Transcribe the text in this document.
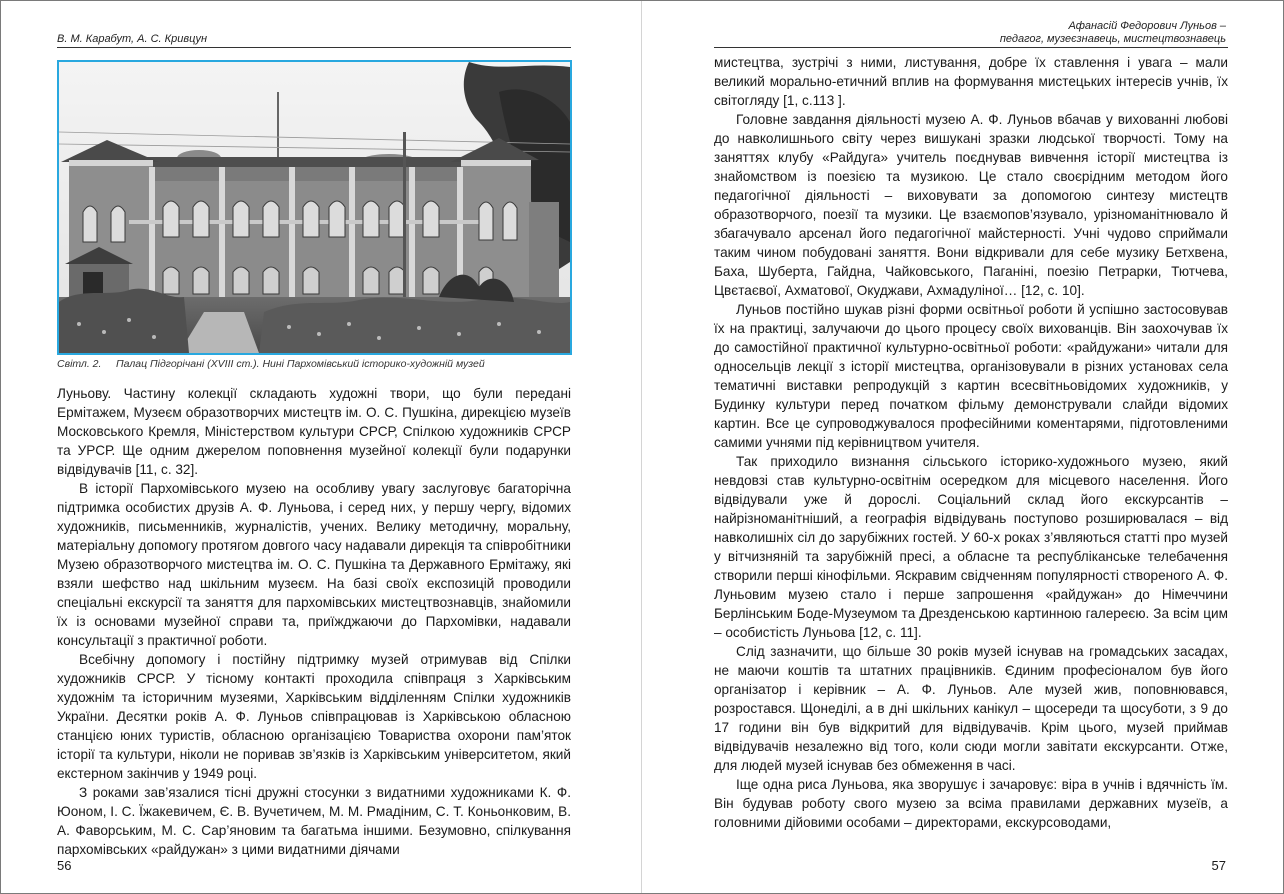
В. М. Карабут, А. С. Кривцун
Світл. 2.     Палац Підгорічані (XVIII ст.). Нині Пархомівський історико-художній музей

Луньову. Частину колекції складають художні твори, що були передані Ермітажем, Музеєм образотворчих мистецтв ім. О. С. Пушкіна, дирекцією музеїв Московського Кремля, Міністерством культури СРСР, Спілкою художників СРСР та УРСР. Ще одним джерелом поповнення музейної колекції були подарунки відвідувачів [11, с. 32].

В історії Пархомівського музею на особливу увагу заслуговує багаторічна підтримка особистих друзів А. Ф. Луньова, і серед них, у першу чергу, відомих художників, письменників, журналістів, учених. Велику методичну, моральну, матеріальну допомогу протягом довгого часу надавали дирекція та співробітники Музею образотворчого мистецтва ім. О. С. Пушкіна та Державного Ермітажу, які взяли шефство над шкільним музеєм. На базі своїх експозицій проводили спеціальні екскурсії та заняття для пархомівських мистецтвознавців, знайомили їх із основами музейної справи та, приїжджаючи до Пархомівки, надавали консультації з практичної роботи.

Всебічну допомогу і постійну підтримку музей отримував від Спілки художників СРСР. У тісному контакті проходила співпраця з Харківським художнім та історичним музеями, Харківським відділенням Спілки художників України. Десятки років А. Ф. Луньов співпрацював із Харківською обласною станцією юних туристів, обласною організацією Товариства охорони пам’яток історії та культури, ніколи не поривав зв’язків із Харківським університетом, який екстерном закінчив у 1949 році.

З роками зав’язалися тісні дружні стосунки з видатними художниками К. Ф. Юоном, І. С. Їжакевичем, Є. В. Вучетичем, М. М. Рмадіним, С. Т. Коньонковим, В. А. Фаворським, М. С. Сар’яновим та багатьма іншими. Безумовно, спілкування пархомівських «райдужан» з цими видатними діячами

56
Афанасій Федорович Луньов –
педагог, музеєзнавець, мистецтвознавець

мистецтва, зустрічі з ними, листування, добре їх ставлення і увага – мали великий морально-етичний вплив на формування мистецьких інтересів учнів, їх світогляду [1, с.113 ].

Головне завдання діяльності музею А. Ф. Луньов вбачав у вихованні любові до навколишнього світу через вишукані зразки людської творчості. Тому на заняттях клубу «Райдуга» учитель поєднував вивчення історії мистецтва із знайомством із поезією та музикою. Це стало своєрідним методом його педагогічної діяльності – виховувати за допомогою синтезу мистецтв образотворчого, поезії та музики. Це взаємопов’язувало, урізноманітнювало й збагачувало арсенал його педагогічної майстерності. Учні чудово сприймали таким чином побудовані заняття. Вони відкривали для себе музику Бетхвена, Баха, Шуберта, Гайдна, Чайковського, Паганіні, поезію Петрарки, Тютчева, Цвєтаєвої, Ахматової, Окуджави, Ахмадуліної… [12, с. 10].

Луньов постійно шукав різні форми освітньої роботи й успішно застосовував їх на практиці, залучаючи до цього процесу своїх вихованців. Він заохочував їх до самостійної практичної культурно-освітньої роботи: «райдужани» читали для односельців лекції з історії мистецтва, організовували в різних установах села тематичні виставки репродукцій з картин всесвітньовідомих художників, у Будинку культури перед початком фільму демонстрували слайди відомих картин. Все це супроводжувалося професійними коментарями, підготовленими самими учнями під керівництвом учителя.

Так приходило визнання сільського історико-художнього музею, який невдовзі став культурно-освітнім осередком для місцевого населення. Його відвідували уже й дорослі. Соціальний склад його екскурсантів – найрізноманітніший, а географія відвідувань поступово розширювалася – від навколишніх сіл до зарубіжних гостей. У 60-х роках з’являються статті про музей у вітчизняній та зарубіжній пресі, а обласне та республіканське телебачення створили перші кінофільми. Яскравим свідченням популярності створеного А. Ф. Луньовим музею стало і перше запрошення «райдужан» до Німеччини Берлінським Боде-Музеумом та Дрезденською картинною галереєю. За всім цим – особистість Луньова [12, с. 11].

Слід зазначити, що більше 30 років музей існував на громадських засадах, не маючи коштів та штатних працівників. Єдиним професіоналом був його організатор і керівник – А. Ф. Луньов. Але музей жив, поповнювався, розростався. Щонеділі, а в дні шкільних канікул – щосереди та щосуботи, з 9 до 17 години він був відкритий для відвідувачів. Крім цього, музей приймав відвідувачів незалежно від того, коли сюди могли завітати екскурсанти. Отже, для людей музей існував без обмеження в часі.

Іще одна риса Луньова, яка зворушує і зачаровує: віра в учнів і вдячність їм. Він будував роботу свого музею за всіма правилами державних музеїв, а головними дійовими особами – директорами, екскурсоводами,

57
